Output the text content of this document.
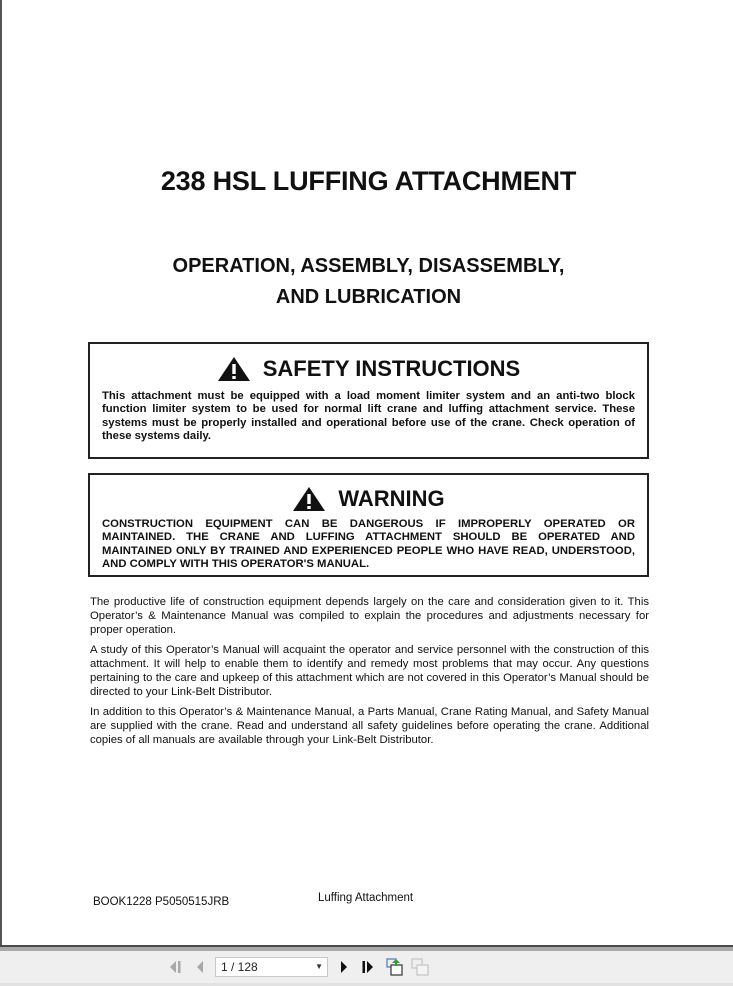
238 HSL LUFFING ATTACHMENT
OPERATION, ASSEMBLY, DISASSEMBLY,
AND LUBRICATION
SAFETY INSTRUCTIONS
This attachment must be equipped with a load moment limiter system and an anti-two block function limiter system to be used for normal lift crane and luffing attachment service. These systems must be properly installed and operational before use of the crane. Check operation of these systems daily.
WARNING
CONSTRUCTION EQUIPMENT CAN BE DANGEROUS IF IMPROPERLY OPERATED OR MAINTAINED. THE CRANE AND LUFFING ATTACHMENT SHOULD BE OPERATED AND MAINTAINED ONLY BY TRAINED AND EXPERIENCED PEOPLE WHO HAVE READ, UNDERSTOOD, AND COMPLY WITH THIS OPERATOR'S MANUAL.
The productive life of construction equipment depends largely on the care and consideration given to it. This Operator’s & Maintenance Manual was compiled to explain the procedures and adjustments necessary for proper operation.
A study of this Operator’s Manual will acquaint the operator and service personnel with the construction of this attachment. It will help to enable them to identify and remedy most problems that may occur. Any questions pertaining to the care and upkeep of this attachment which are not covered in this Operator’s Manual should be directed to your Link-Belt Distributor.
In addition to this Operator’s & Maintenance Manual, a Parts Manual, Crane Rating Manual, and Safety Manual are supplied with the crane. Read and understand all safety guidelines before operating the crane. Additional copies of all manuals are available through your Link-Belt Distributor.
BOOK1228 P5050515JRB	Luffing Attachment
1 / 128	▼
